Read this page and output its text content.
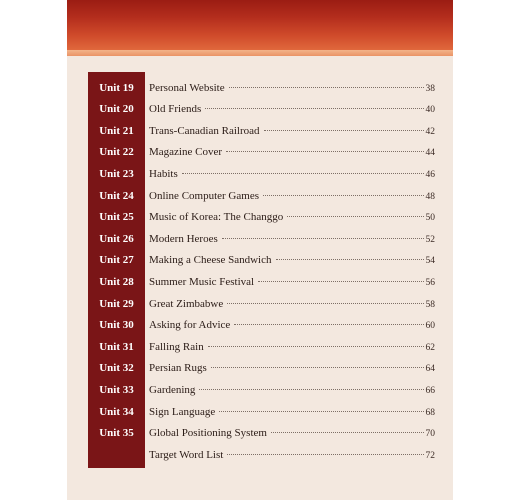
Unit 19	Personal Website	38
Unit 20	Old Friends	40
Unit 21	Trans-Canadian Railroad	42
Unit 22	Magazine Cover	44
Unit 23	Habits	46
Unit 24	Online Computer Games	48
Unit 25	Music of Korea: The Changgo	50
Unit 26	Modern Heroes	52
Unit 27	Making a Cheese Sandwich	54
Unit 28	Summer Music Festival	56
Unit 29	Great Zimbabwe	58
Unit 30	Asking for Advice	60
Unit 31	Falling Rain	62
Unit 32	Persian Rugs	64
Unit 33	Gardening	66
Unit 34	Sign Language	68
Unit 35	Global Positioning System	70
Target Word List	72
